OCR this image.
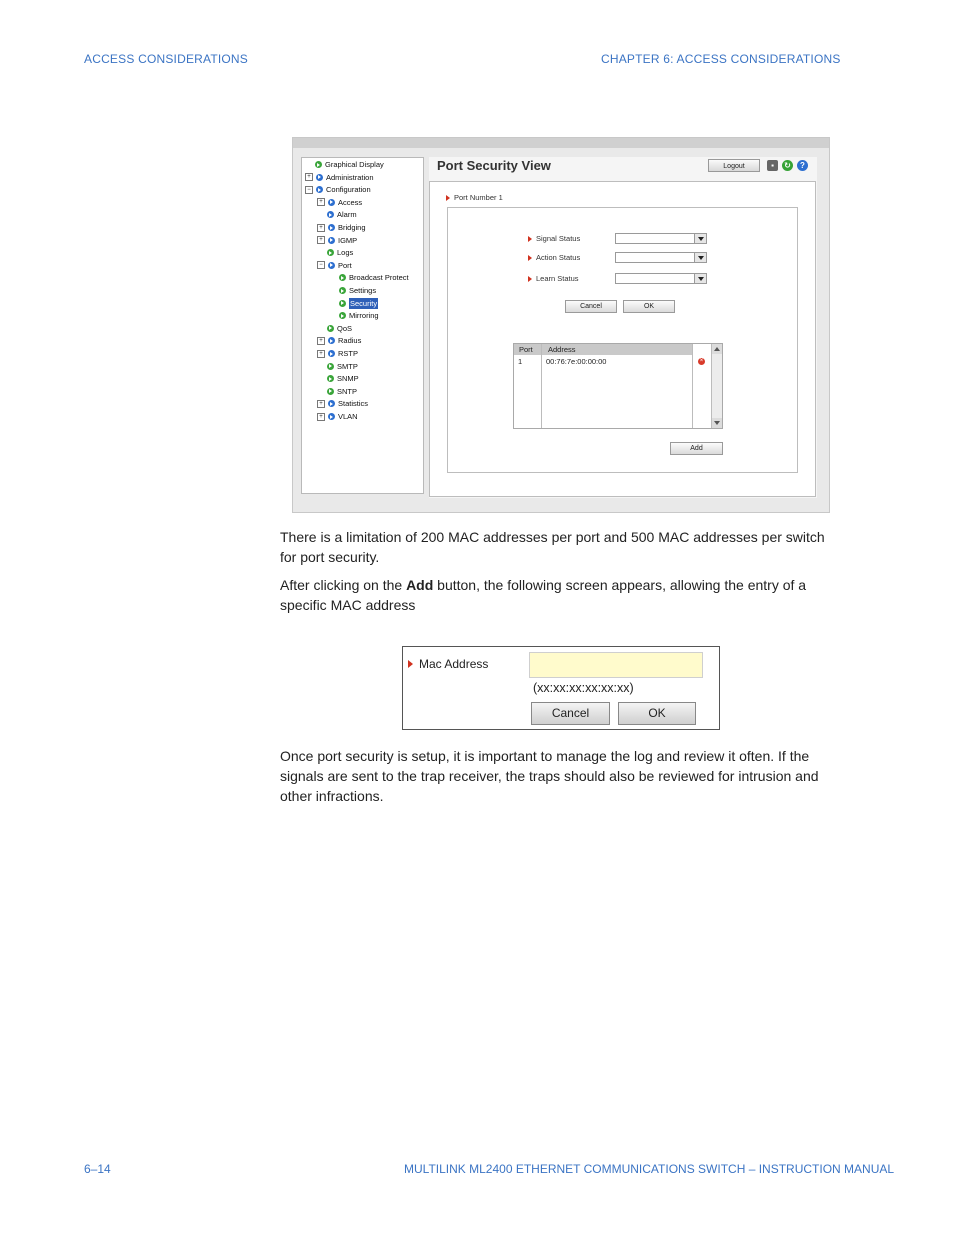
ACCESS CONSIDERATIONS	CHAPTER 6: ACCESS CONSIDERATIONS
Graphical Display
+	Administration
−	Configuration
+	Access
Alarm
+	Bridging
+	IGMP
Logs
−	Port
Broadcast Protect
Settings
Security
Mirroring
QoS
+	Radius
+	RSTP
SMTP
SNMP
SNTP
+	Statistics
+	VLAN
Port Security View	Logout	▪	↻	?
Port Number 1
Signal Status
Action Status
Learn Status
Cancel	OK
Port Address
1	00:76:7e:00:00:00	×
Add

There is a limitation of 200 MAC addresses per port and 500 MAC addresses per switch for port security.

After clicking on the Add button, the following screen appears, allowing the entry of a specific MAC address

Mac Address
(xx:xx:xx:xx:xx:xx)
Cancel	OK

Once port security is setup, it is important to manage the log and review it often. If the signals are sent to the trap receiver, the traps should also be reviewed for intrusion and other infractions.

6–14	MULTILINK ML2400 ETHERNET COMMUNICATIONS SWITCH – INSTRUCTION MANUAL
